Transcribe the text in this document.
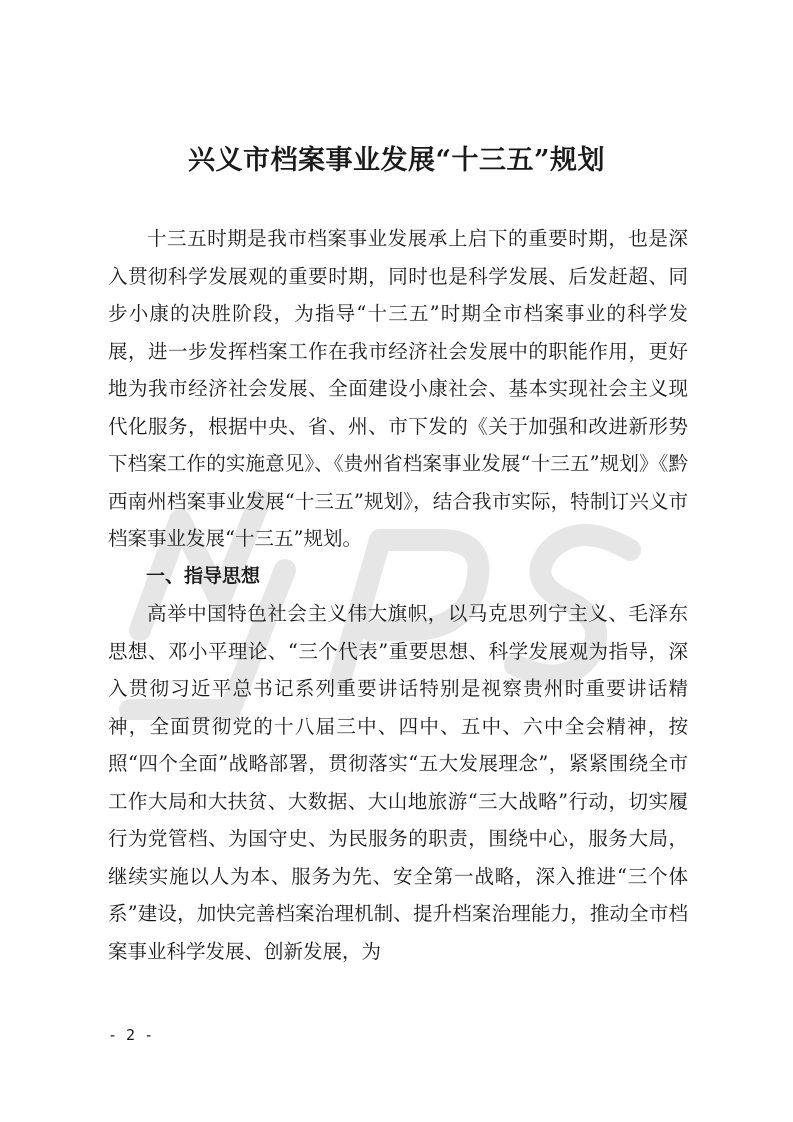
兴义市档案事业发展“十三五”规划

十三五时期是我市档案事业发展承上启下的重要时期，也是深入贯彻科学发展观的重要时期，同时也是科学发展、后发赶超、同步小康的决胜阶段，为指导“十三五”时期全市档案事业的科学发展，进一步发挥档案工作在我市经济社会发展中的职能作用，更好地为我市经济社会发展、全面建设小康社会、基本实现社会主义现代化服务，根据中央、省、州、市下发的《关于加强和改进新形势下档案工作的实施意见》、《贵州省档案事业发展“十三五”规划》《黔西南州档案事业发展“十三五”规划》，结合我市实际，特制订兴义市档案事业发展“十三五”规划。

一、指导思想

高举中国特色社会主义伟大旗帜，以马克思列宁主义、毛泽东思想、邓小平理论、“三个代表”重要思想、科学发展观为指导，深入贯彻习近平总书记系列重要讲话特别是视察贵州时重要讲话精神，全面贯彻党的十八届三中、四中、五中、六中全会精神，按照“四个全面”战略部署，贯彻落实“五大发展理念”，紧紧围绕全市工作大局和大扶贫、大数据、大山地旅游“三大战略”行动，切实履行为党管档、为国守史、为民服务的职责，围绕中心，服务大局，继续实施以人为本、服务为先、安全第一战略，深入推进“三个体系”建设，加快完善档案治理机制、提升档案治理能力，推动全市档案事业科学发展、创新发展，为

- 2 -
